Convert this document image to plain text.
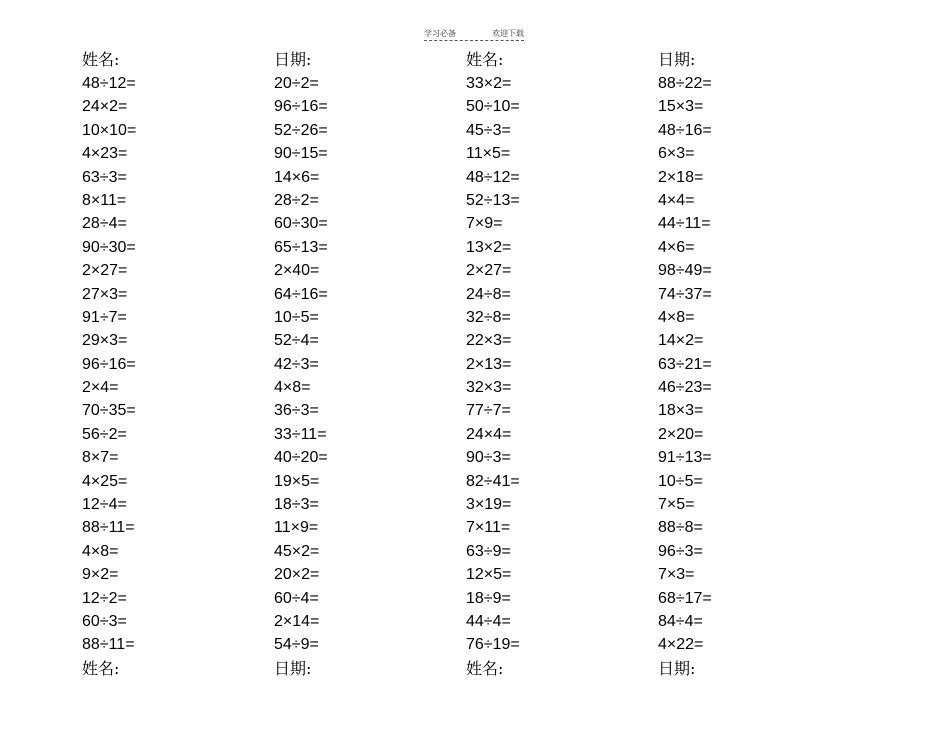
学习必备	欢迎下载
姓名:
48÷12=
24×2=
10×10=
4×23=
63÷3=
8×11=
28÷4=
90÷30=
2×27=
27×3=
91÷7=
29×3=
96÷16=
2×4=
70÷35=
56÷2=
8×7=
4×25=
12÷4=
88÷11=
4×8=
9×2=
12÷2=
60÷3=
88÷11=
姓名:
日期:
20÷2=
96÷16=
52÷26=
90÷15=
14×6=
28÷2=
60÷30=
65÷13=
2×40=
64÷16=
10÷5=
52÷4=
42÷3=
4×8=
36÷3=
33÷11=
40÷20=
19×5=
18÷3=
11×9=
45×2=
20×2=
60÷4=
2×14=
54÷9=
日期:
姓名:
33×2=
50÷10=
45÷3=
11×5=
48÷12=
52÷13=
7×9=
13×2=
2×27=
24÷8=
32÷8=
22×3=
2×13=
32×3=
77÷7=
24×4=
90÷3=
82÷41=
3×19=
7×11=
63÷9=
12×5=
18÷9=
44÷4=
76÷19=
姓名:
日期:
88÷22=
15×3=
48÷16=
6×3=
2×18=
4×4=
44÷11=
4×6=
98÷49=
74÷37=
4×8=
14×2=
63÷21=
46÷23=
18×3=
2×20=
91÷13=
10÷5=
7×5=
88÷8=
96÷3=
7×3=
68÷17=
84÷4=
4×22=
日期:
